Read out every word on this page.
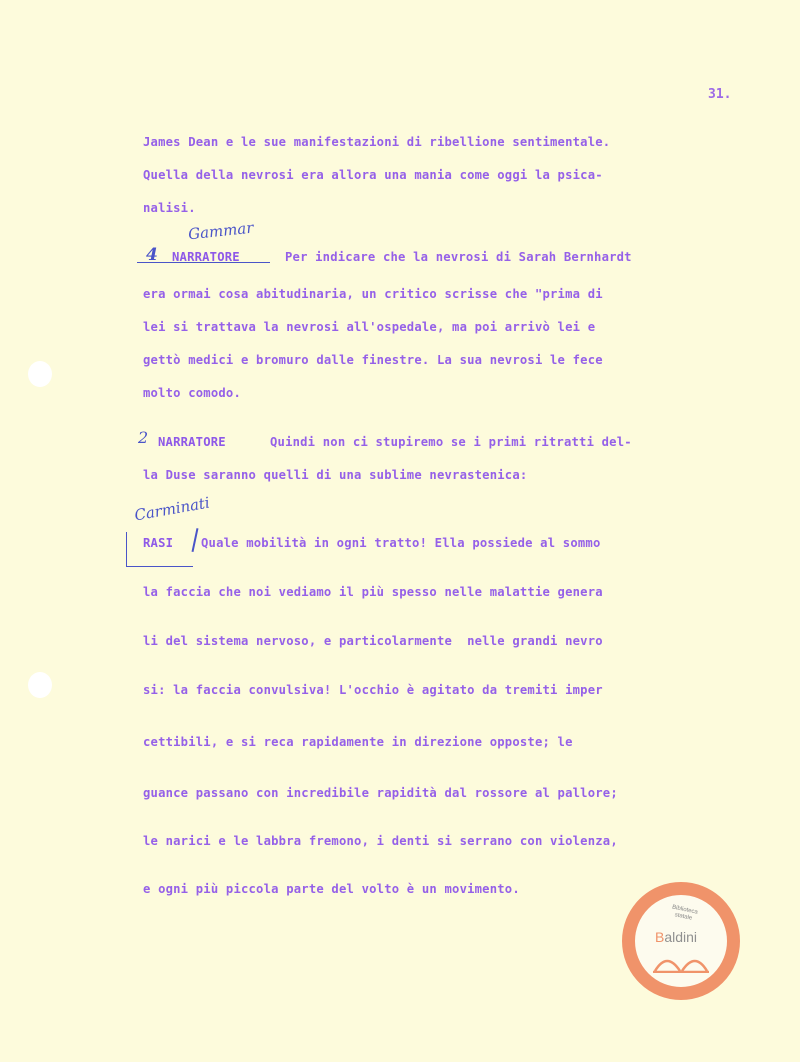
31.
James Dean e le sue manifestazioni di ribellione sentimentale.
Quella della nevrosi era allora una mania come oggi la psica-
nalisi.
Gammar
4 NARRATORE	Per indicare che la nevrosi di Sarah Bernhardt
era ormai cosa abitudinaria, un critico scrisse che "prima di
lei si trattava la nevrosi all'ospedale, ma poi arrivò lei e
gettò medici e bromuro dalle finestre. La sua nevrosi le fece
molto comodo.
2 NARRATORE	Quindi non ci stupiremo se i primi ritratti del-
la Duse saranno quelli di una sublime nevrastenica:
Carminati
RASI Quale mobilità in ogni tratto! Ella possiede al sommo
la faccia che noi vediamo il più spesso nelle malattie genera
li del sistema nervoso, e particolarmente  nelle grandi nevro
si: la faccia convulsiva! L'occhio è agitato da tremiti imper
cettibili, e si reca rapidamente in direzione opposte; le
guance passano con incredibile rapidità dal rossore al pallore;
le narici e le labbra fremono, i denti si serrano con violenza,
e ogni più piccola parte del volto è un movimento.
Biblioteca statale
Baldini
